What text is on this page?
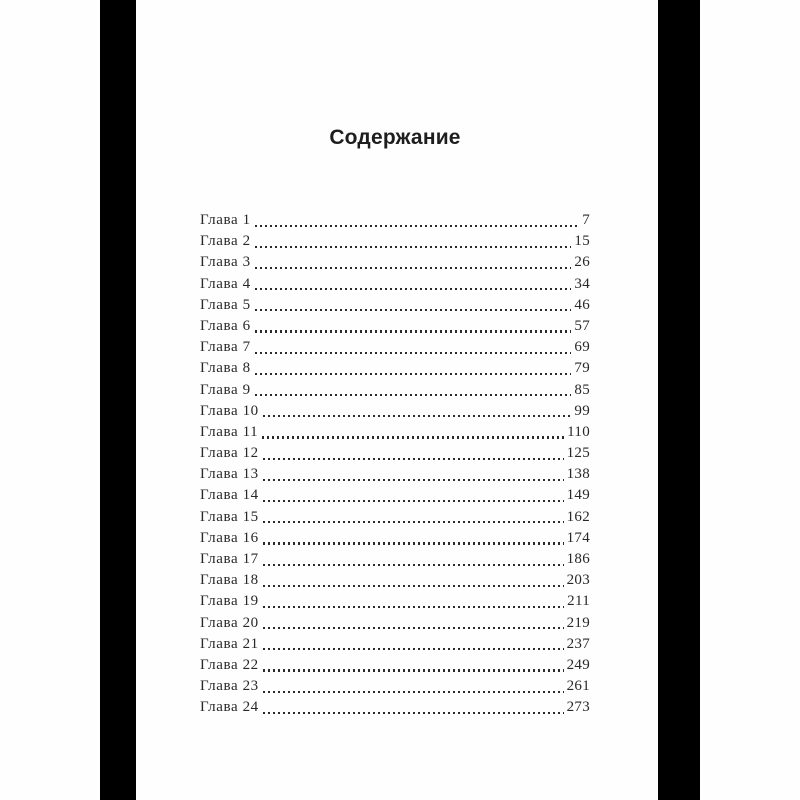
Содержание
Глава 1	7
Глава 2	15
Глава 3	26
Глава 4	34
Глава 5	46
Глава 6	57
Глава 7	69
Глава 8	79
Глава 9	85
Глава 10	99
Глава 11	110
Глава 12	125
Глава 13	138
Глава 14	149
Глава 15	162
Глава 16	174
Глава 17	186
Глава 18	203
Глава 19	211
Глава 20	219
Глава 21	237
Глава 22	249
Глава 23	261
Глава 24	273
